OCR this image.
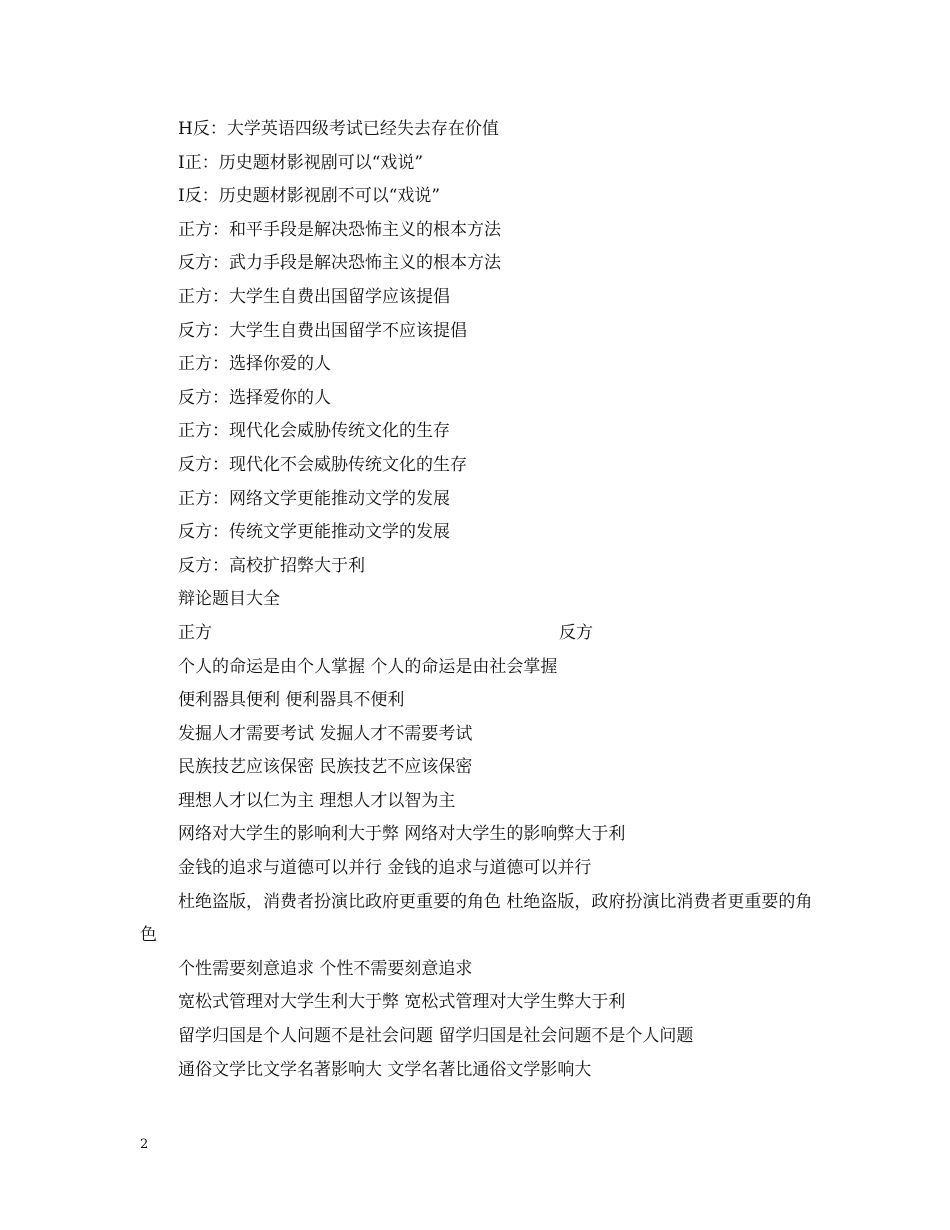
H反：大学英语四级考试已经失去存在价值
I正：历史题材影视剧可以“戏说”
I反：历史题材影视剧不可以“戏说”
正方：和平手段是解决恐怖主义的根本方法
反方：武力手段是解决恐怖主义的根本方法
正方：大学生自费出国留学应该提倡
反方：大学生自费出国留学不应该提倡
正方：选择你爱的人
反方：选择爱你的人
正方：现代化会威胁传统文化的生存
反方：现代化不会威胁传统文化的生存
正方：网络文学更能推动文学的发展
反方：传统文学更能推动文学的发展
反方：高校扩招弊大于利
辩论题目大全
正方	反方
个人的命运是由个人掌握 个人的命运是由社会掌握
便利器具便利 便利器具不便利
发掘人才需要考试 发掘人才不需要考试
民族技艺应该保密 民族技艺不应该保密
理想人才以仁为主 理想人才以智为主
网络对大学生的影响利大于弊 网络对大学生的影响弊大于利
金钱的追求与道德可以并行 金钱的追求与道德可以并行
杜绝盗版，消费者扮演比政府更重要的角色 杜绝盗版，政府扮演比消费者更重要的角色
个性需要刻意追求 个性不需要刻意追求
宽松式管理对大学生利大于弊 宽松式管理对大学生弊大于利
留学归国是个人问题不是社会问题 留学归国是社会问题不是个人问题
通俗文学比文学名著影响大 文学名著比通俗文学影响大
2
